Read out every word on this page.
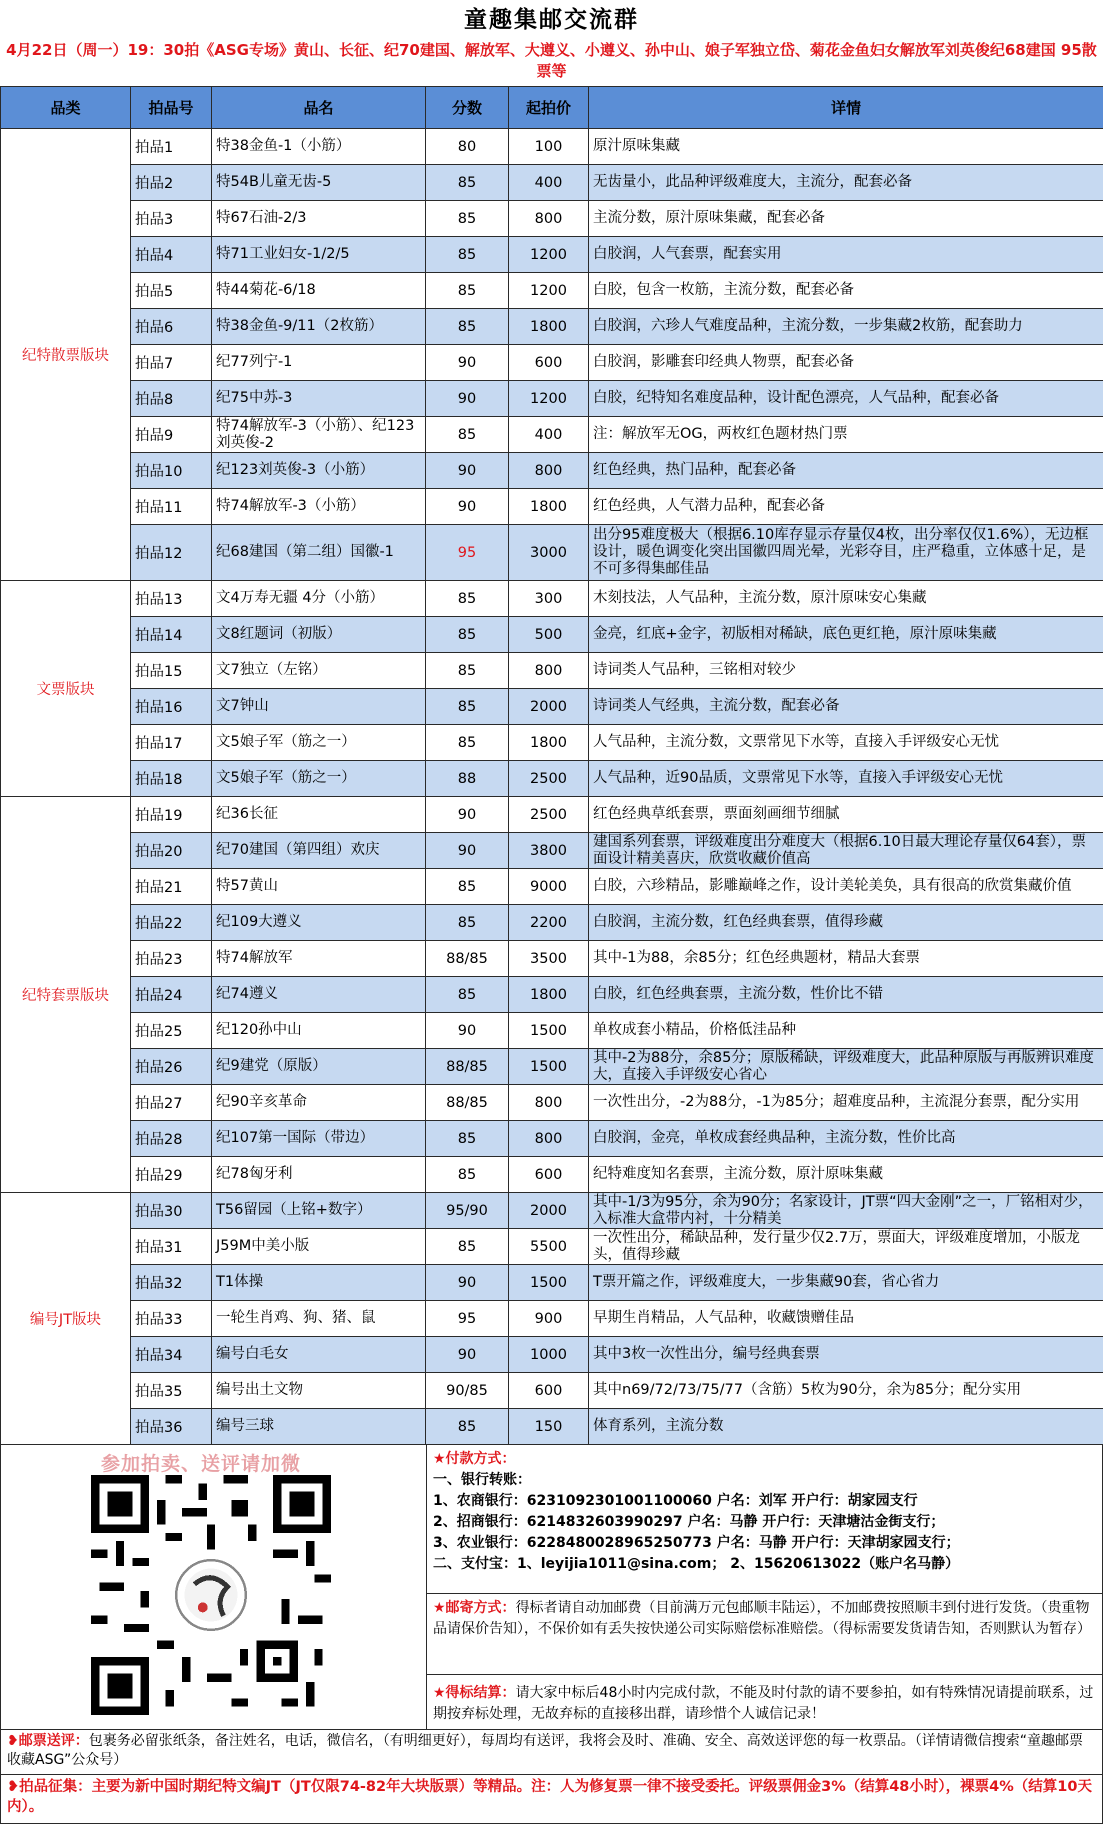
童趣集邮交流群
4月22日（周一）19：30拍《ASG专场》黄山、长征、纪70建国、解放军、大遵义、小遵义、孙中山、娘子军独立岱、菊花金鱼妇女解放军刘英俊纪68建国 95散票等
品类	拍品号	品名	分数	起拍价	详情
纪特散票版块	拍品1	特38金鱼-1（小筋）	80	100	原汁原味集藏
	拍品2	特54B儿童无齿-5	85	400	无齿量小，此品种评级难度大，主流分，配套必备
	拍品3	特67石油-2/3	85	800	主流分数，原汁原味集藏，配套必备
	拍品4	特71工业妇女-1/2/5	85	1200	白胶润，人气套票，配套实用
	拍品5	特44菊花-6/18	85	1200	白胶，包含一枚筋，主流分数，配套必备
	拍品6	特38金鱼-9/11（2枚筋）	85	1800	白胶润，六珍人气难度品种，主流分数，一步集藏2枚筋，配套助力
	拍品7	纪77列宁-1	90	600	白胶润，影雕套印经典人物票，配套必备
	拍品8	纪75中苏-3	90	1200	白胶，纪特知名难度品种，设计配色漂亮，人气品种，配套必备
	拍品9	特74解放军-3（小筋）、纪123刘英俊-2	85	400	注：解放军无OG，两枚红色题材热门票
	拍品10	纪123刘英俊-3（小筋）	90	800	红色经典，热门品种，配套必备
	拍品11	特74解放军-3（小筋）	90	1800	红色经典，人气潜力品种，配套必备
	拍品12	纪68建国（第二组）国徽-1	95	3000	出分95难度极大（根据6.10库存显示存量仅4枚，出分率仅仅1.6%），无边框设计，暖色调变化突出国徽四周光晕，光彩夺目，庄严稳重，立体感十足，是不可多得集邮佳品
文票版块	拍品13	文4万寿无疆 4分（小筋）	85	300	木刻技法，人气品种，主流分数，原汁原味安心集藏
	拍品14	文8红题词（初版）	85	500	金亮，红底+金字，初版相对稀缺，底色更红艳，原汁原味集藏
	拍品15	文7独立（左铭）	85	800	诗词类人气品种，三铭相对较少
	拍品16	文7钟山	85	2000	诗词类人气经典，主流分数，配套必备
	拍品17	文5娘子军（筋之一）	85	1800	人气品种，主流分数，文票常见下水等，直接入手评级安心无忧
	拍品18	文5娘子军（筋之一）	88	2500	人气品种，近90品质，文票常见下水等，直接入手评级安心无忧
纪特套票版块	拍品19	纪36长征	90	2500	红色经典草纸套票，票面刻画细节细腻
	拍品20	纪70建国（第四组）欢庆	90	3800	建国系列套票，评级难度出分难度大（根据6.10日最大理论存量仅64套），票面设计精美喜庆，欣赏收藏价值高
	拍品21	特57黄山	85	9000	白胶，六珍精品，影雕巅峰之作，设计美轮美奂，具有很高的欣赏集藏价值
	拍品22	纪109大遵义	85	2200	白胶润，主流分数，红色经典套票，值得珍藏
	拍品23	特74解放军	88/85	3500	其中-1为88，余85分；红色经典题材，精品大套票
	拍品24	纪74遵义	85	1800	白胶，红色经典套票，主流分数，性价比不错
	拍品25	纪120孙中山	90	1500	单枚成套小精品，价格低洼品种
	拍品26	纪9建党（原版）	88/85	1500	其中-2为88分，余85分；原版稀缺，评级难度大，此品种原版与再版辨识难度大，直接入手评级安心省心
	拍品27	纪90辛亥革命	88/85	800	一次性出分，-2为88分，-1为85分；超难度品种，主流混分套票，配分实用
	拍品28	纪107第一国际（带边）	85	800	白胶润，金亮，单枚成套经典品种，主流分数，性价比高
	拍品29	纪78匈牙利	85	600	纪特难度知名套票，主流分数，原汁原味集藏
编号JT版块	拍品30	T56留园（上铭+数字）	95/90	2000	其中-1/3为95分，余为90分；名家设计，JT票“四大金刚”之一，厂铭相对少，入标准大盒带内衬，十分精美
	拍品31	J59M中美小版	85	5500	一次性出分，稀缺品种，发行量少仅2.7万，票面大，评级难度增加，小版龙头，值得珍藏
	拍品32	T1体操	90	1500	T票开篇之作，评级难度大，一步集藏90套，省心省力
	拍品33	一轮生肖鸡、狗、猪、鼠	95	900	早期生肖精品，人气品种，收藏馈赠佳品
	拍品34	编号白毛女	90	1000	其中3枚一次性出分，编号经典套票
	拍品35	编号出土文物	90/85	600	其中n69/72/73/75/77（含筋）5枚为90分，余为85分；配分实用
	拍品36	编号三球	85	150	体育系列，主流分数
参加拍卖、送评请加微	★付款方式：
一、银行转账：
1、农商银行：6231092301001100060 户名：刘军 开户行：胡家园支行
2、招商银行：6214832603990297 户名：马静 开户行：天津塘沽金街支行；
3、农业银行：6228480028965250773 户名：马静 开户行：天津胡家园支行；
二、支付宝：1、leyijia1011@sina.com； 2、15620613022（账户名马静）
★邮寄方式：得标者请自动加邮费（目前满万元包邮顺丰陆运），不加邮费按照顺丰到付进行发货。（贵重物品请保价告知），不保价如有丢失按快递公司实际赔偿标准赔偿。（得标需要发货请告知，否则默认为暂存）
★得标结算：请大家中标后48小时内完成付款，不能及时付款的请不要参拍，如有特殊情况请提前联系，过期按弃标处理，无故弃标的直接移出群，请珍惜个人诚信记录！
❥邮票送评：包裹务必留张纸条，备注姓名，电话，微信名，（有明细更好），每周均有送评，我将会及时、准确、安全、高效送评您的每一枚票品。（详情请微信搜索“童趣邮票收藏ASG”公众号）
❥拍品征集：主要为新中国时期纪特文编JT（JT仅限74-82年大块版票）等精品。注：人为修复票一律不接受委托。评级票佣金3%（结算48小时），裸票4%（结算10天内）。
